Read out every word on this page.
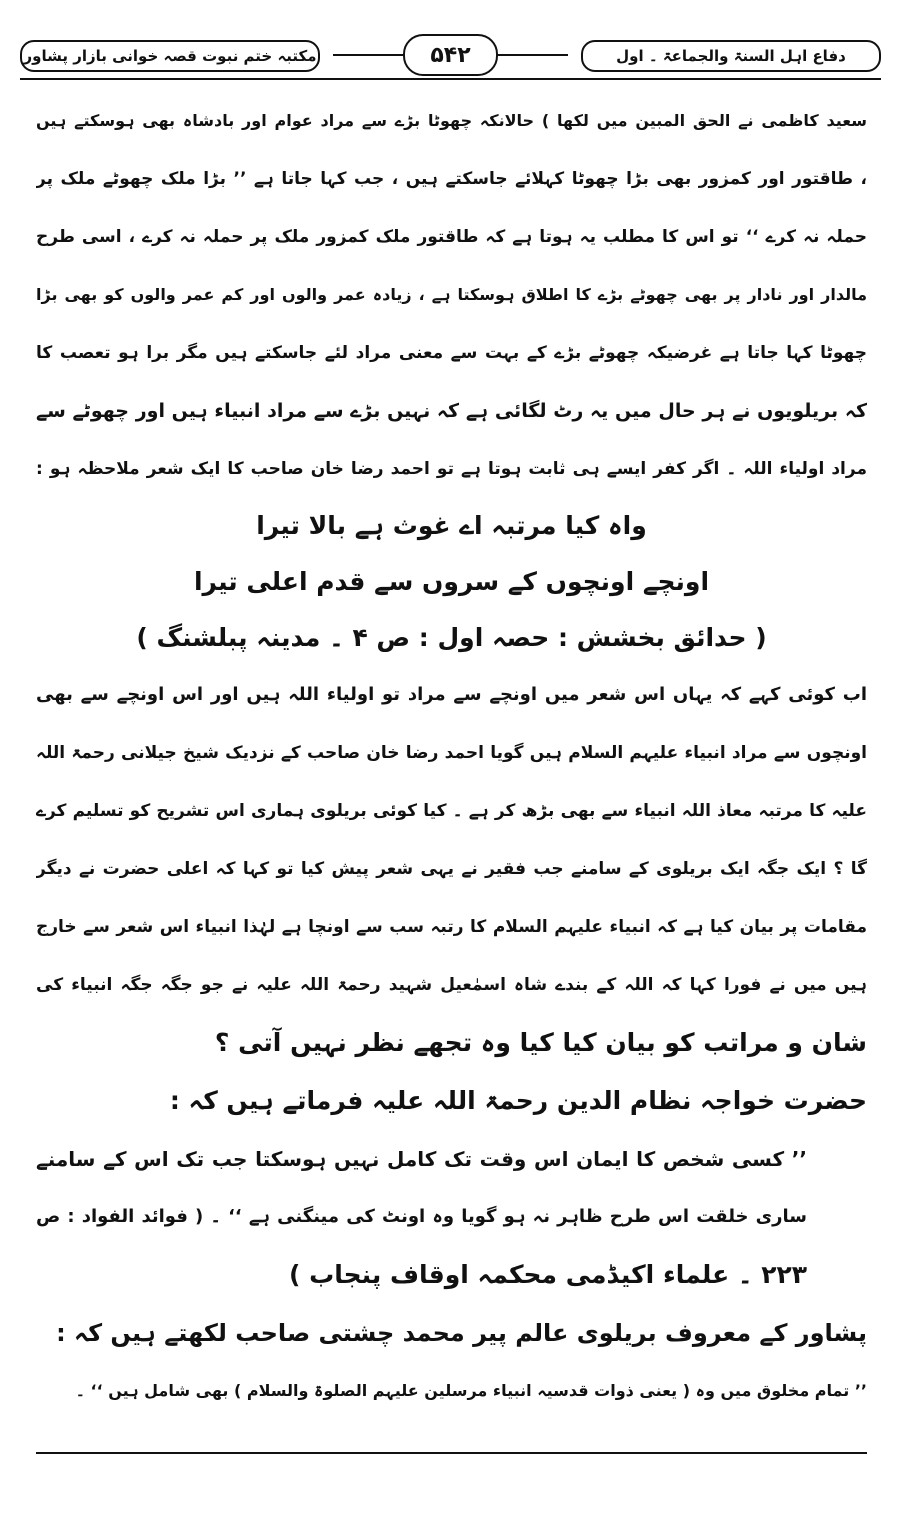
دفاع اہل السنۃ والجماعۃ ۔ اول
۵۴۲
مکتبہ ختم نبوت قصہ خوانی بازار پشاور
سعید کاظمی نے الحق المبین میں لکھا ) حالانکہ چھوٹا بڑے سے مراد عوام اور بادشاہ بھی ہوسکتے ہیں
، طاقتور اور کمزور بھی بڑا چھوٹا کہلائے جاسکتے ہیں ، جب کہا جاتا ہے ’’ بڑا ملک چھوٹے ملک پر
حملہ نہ کرے ‘‘ تو اس کا مطلب یہ ہوتا ہے کہ طاقتور ملک کمزور ملک پر حملہ نہ کرے ، اسی طرح
مالدار اور نادار پر بھی چھوٹے بڑے کا اطلاق ہوسکتا ہے ، زیادہ عمر والوں اور کم عمر والوں کو بھی بڑا
چھوٹا کہا جاتا ہے غرضیکہ چھوٹے بڑے کے بہت سے معنی مراد لئے جاسکتے ہیں مگر برا ہو تعصب کا
کہ بریلویوں نے ہر حال میں یہ رٹ لگائی ہے کہ نہیں بڑے سے مراد انبیاء ہیں اور چھوٹے سے
مراد اولیاء اللہ ۔ اگر کفر ایسے ہی ثابت ہوتا ہے تو احمد رضا خان صاحب کا ایک شعر ملاحظہ ہو :
واہ کیا مرتبہ اے غوث ہے بالا تیرا
اونچے اونچوں کے سروں سے قدم اعلی تیرا
( حدائق بخشش : حصہ اول : ص ۴ ۔ مدینہ پبلشنگ )
اب کوئی کہے کہ یہاں اس شعر میں اونچے سے مراد تو اولیاء اللہ ہیں اور اس اونچے سے بھی
اونچوں سے مراد انبیاء علیہم السلام ہیں گویا احمد رضا خان صاحب کے نزدیک شیخ جیلانی رحمۃ اللہ
علیہ کا مرتبہ معاذ اللہ انبیاء سے بھی بڑھ کر ہے ۔ کیا کوئی بریلوی ہماری اس تشریح کو تسلیم کرے
گا ؟ ایک جگہ ایک بریلوی کے سامنے جب فقیر نے یہی شعر پیش کیا تو کہا کہ اعلی حضرت نے دیگر
مقامات پر بیان کیا ہے کہ انبیاء علیہم السلام کا رتبہ سب سے اونچا ہے لہٰذا انبیاء اس شعر سے خارج
ہیں میں نے فورا کہا کہ اللہ کے بندے شاہ اسمٰعیل شہید رحمۃ اللہ علیہ نے جو جگہ جگہ انبیاء کی
شان و مراتب کو بیان کیا کیا وہ تجھے نظر نہیں آتی ؟
حضرت خواجہ نظام الدین رحمۃ اللہ علیہ فرماتے ہیں کہ :
’’ کسی شخص کا ایمان اس وقت تک کامل نہیں ہوسکتا جب تک اس کے سامنے
ساری خلقت اس طرح ظاہر نہ ہو گویا وہ اونٹ کی مینگنی ہے ‘‘ ۔ ( فوائد الفواد : ص
۲۲۳ ۔ علماء اکیڈمی محکمہ اوقاف پنجاب )
پشاور کے معروف بریلوی عالم پیر محمد چشتی صاحب لکھتے ہیں کہ :
’’ تمام مخلوق میں وہ ( یعنی ذوات قدسیہ انبیاء مرسلین علیہم الصلوۃ والسلام ) بھی شامل ہیں ‘‘ ۔
